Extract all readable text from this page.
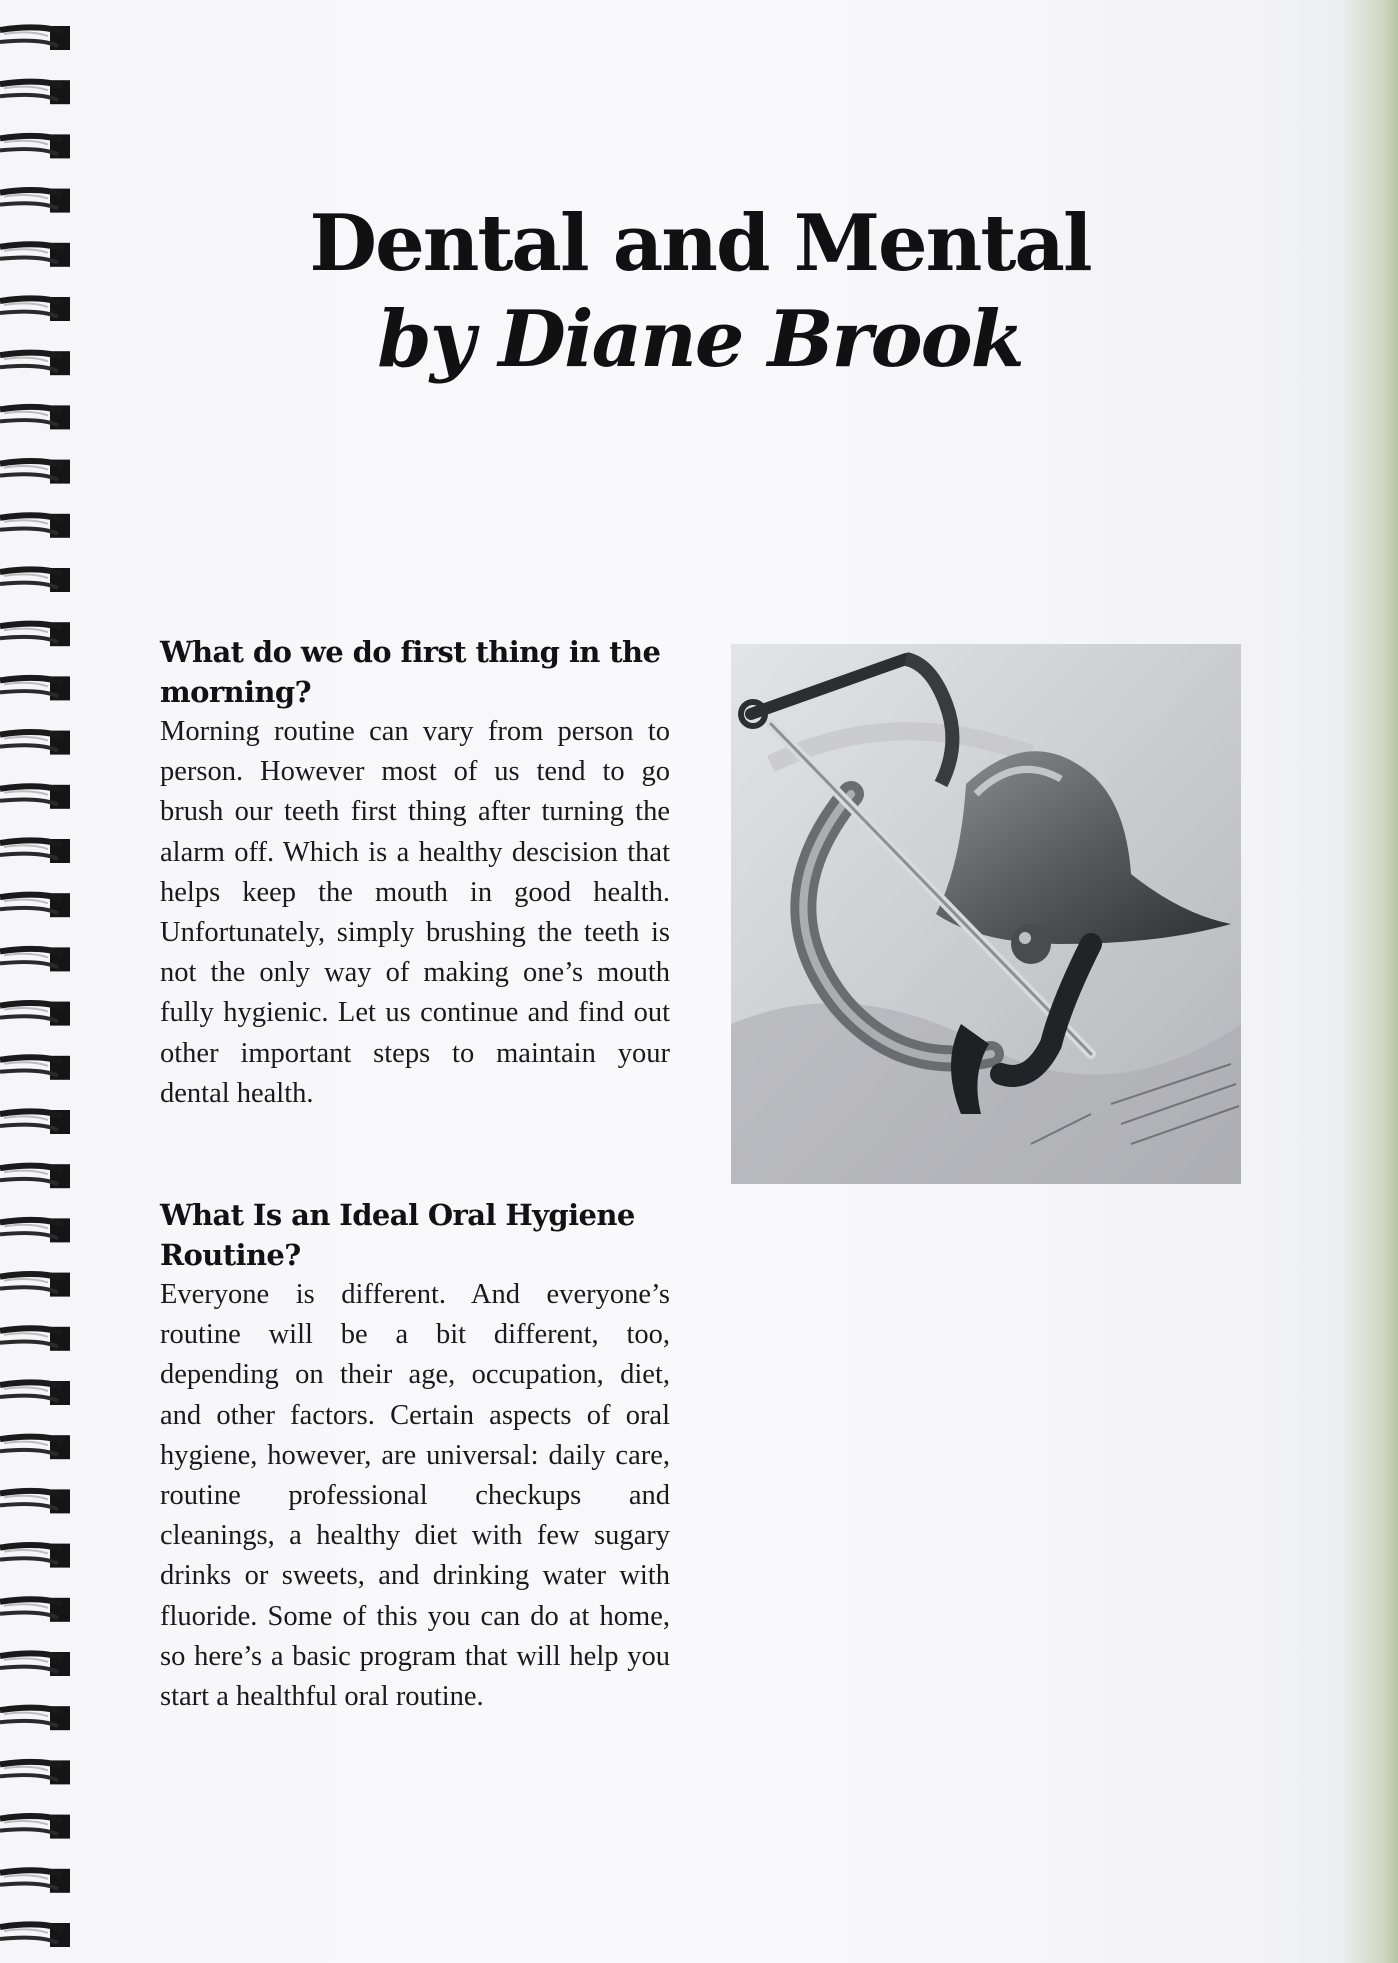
Dental and Mental
by Diane Brook
What do we do first thing in the morning?

Morning routine can vary from person to person. However most of us tend to go brush our teeth first thing after turning the alarm off. Which is a healthy descision that helps keep the mouth in good health. Unfortunately, simply brushing the teeth is not the only way of making one’s mouth fully hygienic. Let us continue and find out other important steps to maintain your dental health.

What Is an Ideal Oral Hygiene Routine?

Everyone is different. And everyone’s routine will be a bit different, too, depending on their age, occupation, diet, and other factors. Certain aspects of oral hygiene, however, are universal: daily care, routine professional checkups and cleanings, a healthy diet with few sugary drinks or sweets, and drinking water with fluoride. Some of this you can do at home, so here’s a basic program that will help you start a healthful oral routine.
